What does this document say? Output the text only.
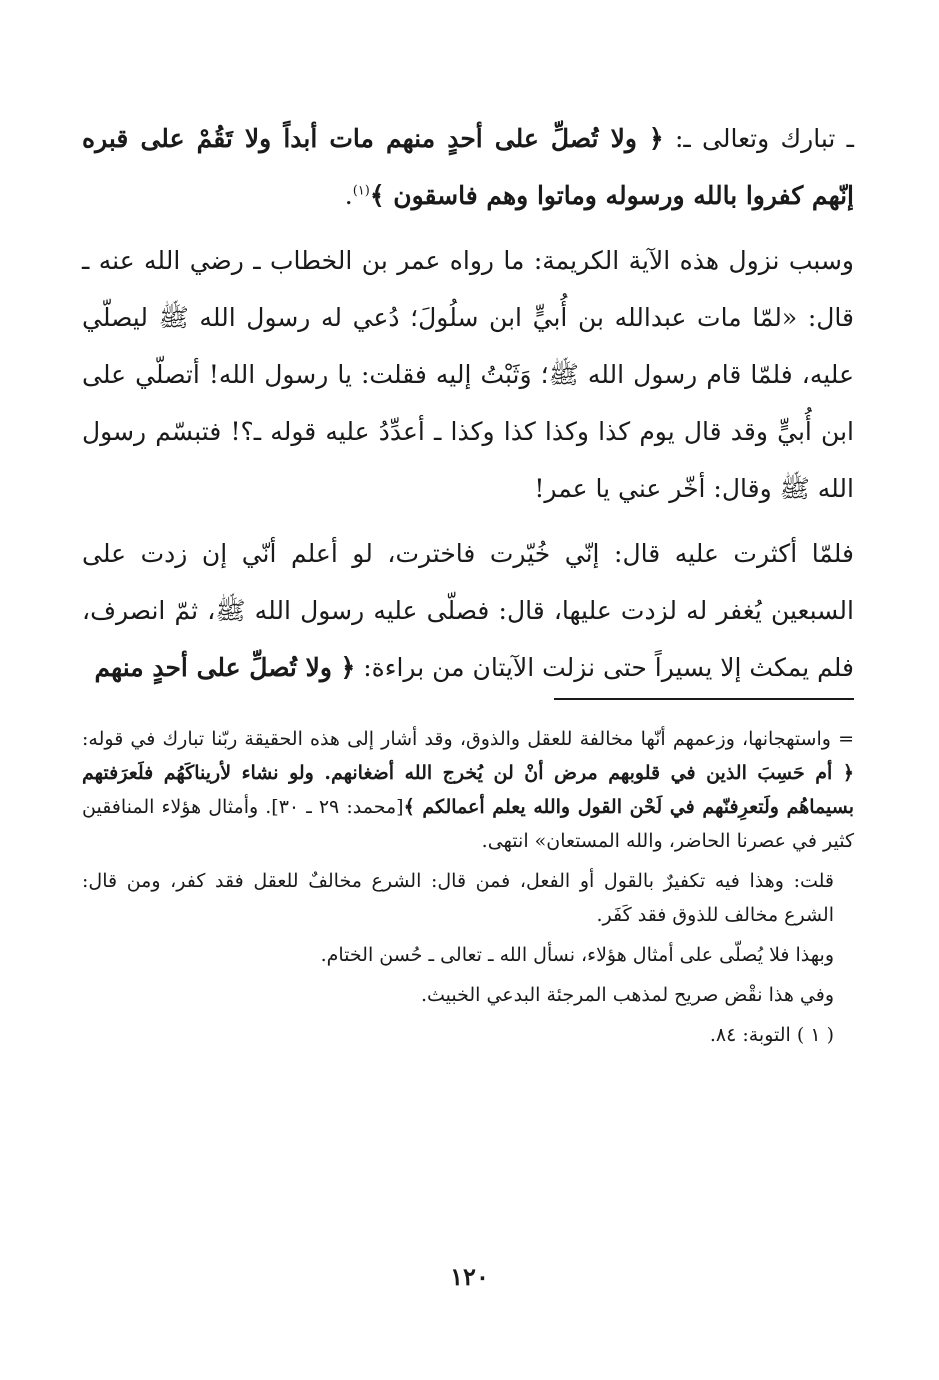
ـ تبارك وتعالى ـ: ﴿ ولا تُصلِّ على أحدٍ منهم مات أبداً ولا تَقُمْ على قبره إنّهم كفروا بالله ورسوله وماتوا وهم فاسقون ﴾$^{(١)}$.

وسبب نزول هذه الآية الكريمة: ما رواه عمر بن الخطاب ـ رضي الله عنه ـ قال: «لمّا مات عبدالله بن أُبيٍّ ابن سلُولَ؛ دُعي له رسول الله ﷺ ليصلّي عليه، فلمّا قام رسول الله ﷺ؛ وَثَبْتُ إليه فقلت: يا رسول الله! أتصلّي على ابن أُبيٍّ وقد قال يوم كذا وكذا كذا وكذا ـ أعدِّدُ عليه قوله ـ؟! فتبسّم رسول الله ﷺ وقال: أخّر عني يا عمر!

فلمّا أكثرت عليه قال: إنّي خُيّرت فاخترت، لو أعلم أنّي إن زدت على السبعين يُغفر له لزدت عليها، قال: فصلّى عليه رسول الله ﷺ، ثمّ انصرف، فلم يمكث إلا يسيراً حتى نزلت الآيتان من براءة: ﴿ ولا تُصلِّ على أحدٍ منهم

= واستهجانها، وزعمهم أنّها مخالفة للعقل والذوق، وقد أشار إلى هذه الحقيقة ربّنا تبارك في قوله: ﴿ أم حَسِبَ الذين في قلوبهم مرض أنْ لن يُخرج الله أضغانهم. ولو نشاء لأريناكَهُم فلَعرَفتهم بسيماهُم ولَتعرِفنّهم في لَحْن القول والله يعلم أعمالكم ﴾[محمد: ٢٩ ـ ٣٠]. وأمثال هؤلاء المنافقين كثير في عصرنا الحاضر، والله المستعان» انتهى.

قلت: وهذا فيه تكفيرٌ بالقول أو الفعل، فمن قال: الشرع مخالفٌ للعقل فقد كفر، ومن قال: الشرع مخالف للذوق فقد كَفَر.

وبهذا فلا يُصلّى على أمثال هؤلاء، نسأل الله ـ تعالى ـ حُسن الختام.

وفي هذا نقْض صريح لمذهب المرجئة البدعي الخبيث.

( ١ ) التوبة: ٨٤.

١٢٠
